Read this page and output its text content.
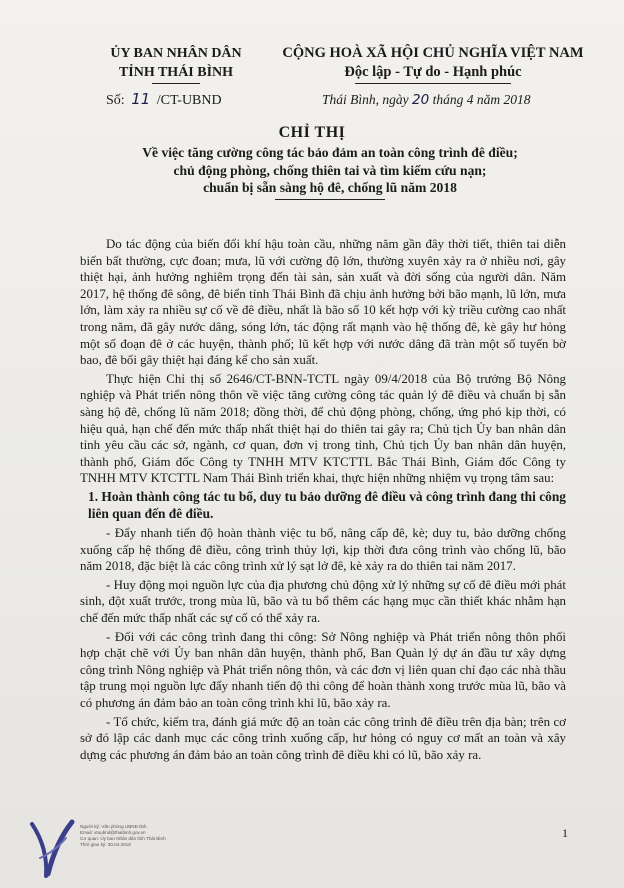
ỦY BAN NHÂN DÂN
TỈNH THÁI BÌNH
CỘNG HOÀ XÃ HỘI CHỦ NGHĨA VIỆT NAM
Độc lập - Tự do - Hạnh phúc
Số: 11 /CT-UBND	Thái Bình, ngày 20 tháng 4 năm 2018
CHỈ THỊ
Về việc tăng cường công tác bảo đảm an toàn công trình đê điều;
chủ động phòng, chống thiên tai và tìm kiếm cứu nạn;
chuẩn bị sẵn sàng hộ đê, chống lũ năm 2018

Do tác động của biến đổi khí hậu toàn cầu, những năm gần đây thời tiết, thiên tai diễn biến bất thường, cực đoan; mưa, lũ với cường độ lớn, thường xuyên xảy ra ở nhiều nơi, gây thiệt hại, ảnh hưởng nghiêm trọng đến tài sản, sản xuất và đời sống của người dân. Năm 2017, hệ thống đê sông, đê biển tỉnh Thái Bình đã chịu ảnh hưởng bởi bão mạnh, lũ lớn, mưa lớn, làm xảy ra nhiều sự cố về đê điều, nhất là bão số 10 kết hợp với kỳ triều cường cao nhất trong năm, đã gây nước dâng, sóng lớn, tác động rất mạnh vào hệ thống đê, kè gây hư hỏng một số đoạn đê ở các huyện, thành phố; lũ kết hợp với nước dâng đã tràn một số tuyến bờ bao, đê bối gây thiệt hại đáng kể cho sản xuất.

Thực hiện Chỉ thị số 2646/CT-BNN-TCTL ngày 09/4/2018 của Bộ trưởng Bộ Nông nghiệp và Phát triển nông thôn về việc tăng cường công tác quản lý đê điều và chuẩn bị sẵn sàng hộ đê, chống lũ năm 2018; đồng thời, để chủ động phòng, chống, ứng phó kịp thời, có hiệu quả, hạn chế đến mức thấp nhất thiệt hại do thiên tai gây ra; Chủ tịch Ủy ban nhân dân tỉnh yêu cầu các sở, ngành, cơ quan, đơn vị trong tỉnh, Chủ tịch Ủy ban nhân dân huyện, thành phố, Giám đốc Công ty TNHH MTV KTCTTL Bắc Thái Bình, Giám đốc Công ty TNHH MTV KTCTTL Nam Thái Bình triển khai, thực hiện những nhiệm vụ trọng tâm sau:

1. Hoàn thành công tác tu bổ, duy tu bảo dưỡng đê điều và công trình đang thi công liên quan đến đê điều.

- Đẩy nhanh tiến độ hoàn thành việc tu bổ, nâng cấp đê, kè; duy tu, bảo dưỡng chống xuống cấp hệ thống đê điều, công trình thủy lợi, kịp thời đưa công trình vào chống lũ, bão năm 2018, đặc biệt là các công trình xử lý sạt lở đê, kè xảy ra do thiên tai năm 2017.

- Huy động mọi nguồn lực của địa phương chủ động xử lý những sự cố đê điều mới phát sinh, đột xuất trước, trong mùa lũ, bão và tu bổ thêm các hạng mục cần thiết khác nhằm hạn chế đến mức thấp nhất các sự cố có thể xảy ra.

- Đối với các công trình đang thi công: Sở Nông nghiệp và Phát triển nông thôn phối hợp chặt chẽ với Ủy ban nhân dân huyện, thành phố, Ban Quản lý dự án đầu tư xây dựng công trình Nông nghiệp và Phát triển nông thôn, và các đơn vị liên quan chỉ đạo các nhà thầu tập trung mọi nguồn lực đẩy nhanh tiến độ thi công để hoàn thành xong trước mùa lũ, bão và có phương án đảm bảo an toàn công trình khi lũ, bão xảy ra.

- Tổ chức, kiểm tra, đánh giá mức độ an toàn các công trình đê điều trên địa bàn; trên cơ sở đó lập các danh mục các công trình xuống cấp, hư hỏng có nguy cơ mất an toàn và xây dựng các phương án đảm bảo an toàn công trình đê điều khi có lũ, bão xảy ra.

Người ký: Văn phòng UBND tỉnh
Email: vtuubnd@thaibinh.gov.vn
Cơ quan: Ủy ban Nhân dân tỉnh Thái Bình
Thời gian ký: 30.04.2018
1
